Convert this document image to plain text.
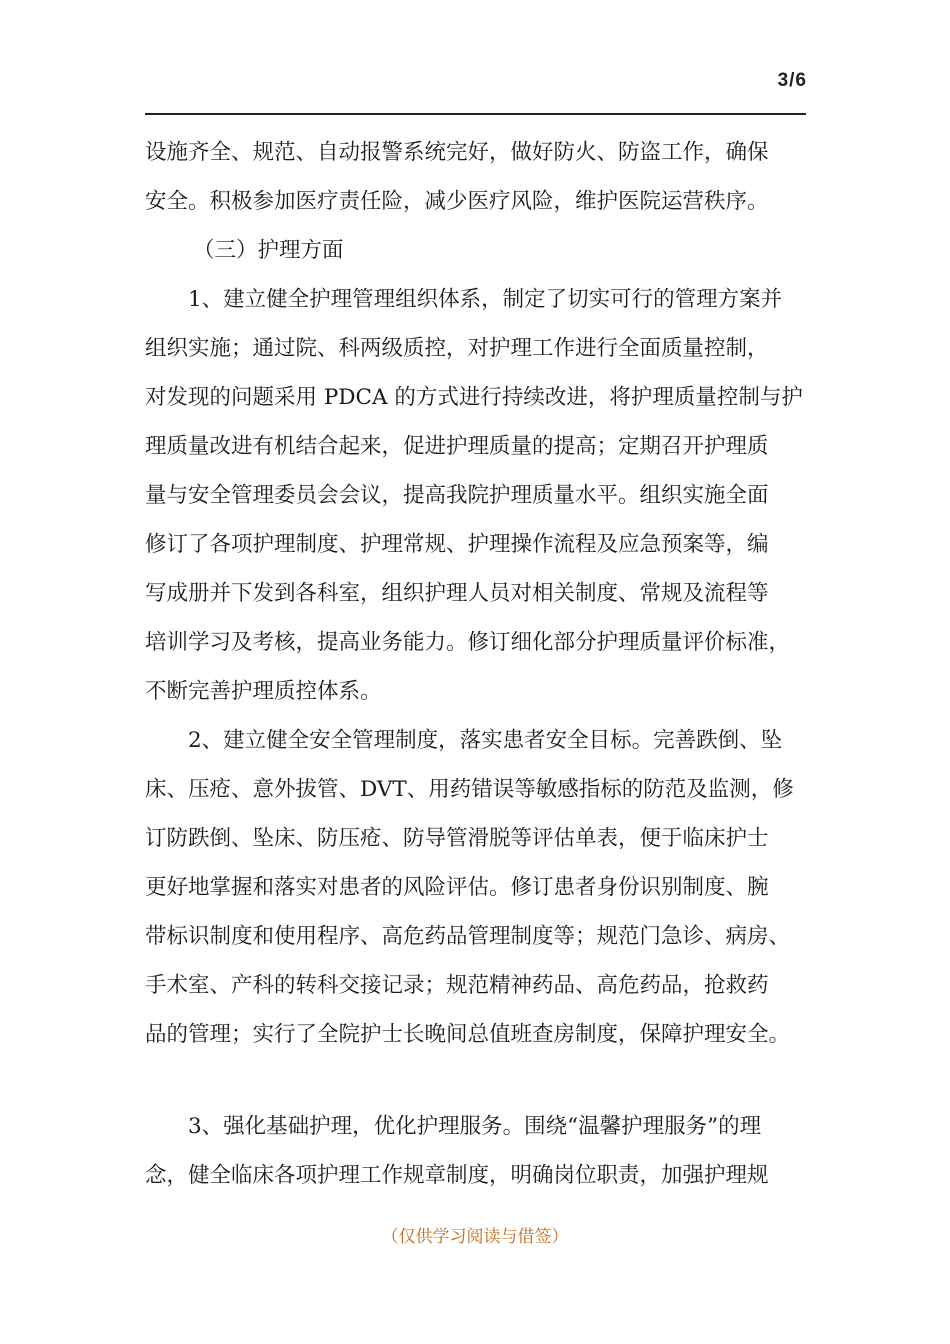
3/6
设施齐全、规范、自动报警系统完好，做好防火、防盗工作，确保
安全。积极参加医疗责任险，减少医疗风险，维护医院运营秩序。
（三）护理方面
1、建立健全护理管理组织体系，制定了切实可行的管理方案并
组织实施；通过院、科两级质控，对护理工作进行全面质量控制，
对发现的问题采用 PDCA 的方式进行持续改进，将护理质量控制与护
理质量改进有机结合起来，促进护理质量的提高；定期召开护理质
量与安全管理委员会会议，提高我院护理质量水平。组织实施全面
修订了各项护理制度、护理常规、护理操作流程及应急预案等，编
写成册并下发到各科室，组织护理人员对相关制度、常规及流程等
培训学习及考核，提高业务能力。修订细化部分护理质量评价标准，
不断完善护理质控体系。
2、建立健全安全管理制度，落实患者安全目标。完善跌倒、坠
床、压疮、意外拔管、DVT、用药错误等敏感指标的防范及监测，修
订防跌倒、坠床、防压疮、防导管滑脱等评估单表，便于临床护士
更好地掌握和落实对患者的风险评估。修订患者身份识别制度、腕
带标识制度和使用程序、高危药品管理制度等；规范门急诊、病房、
手术室、产科的转科交接记录；规范精神药品、高危药品，抢救药
品的管理；实行了全院护士长晚间总值班查房制度，保障护理安全。
3、强化基础护理，优化护理服务。围绕“温馨护理服务”的理
念，健全临床各项护理工作规章制度，明确岗位职责，加强护理规
（仅供学习阅读与借签）
